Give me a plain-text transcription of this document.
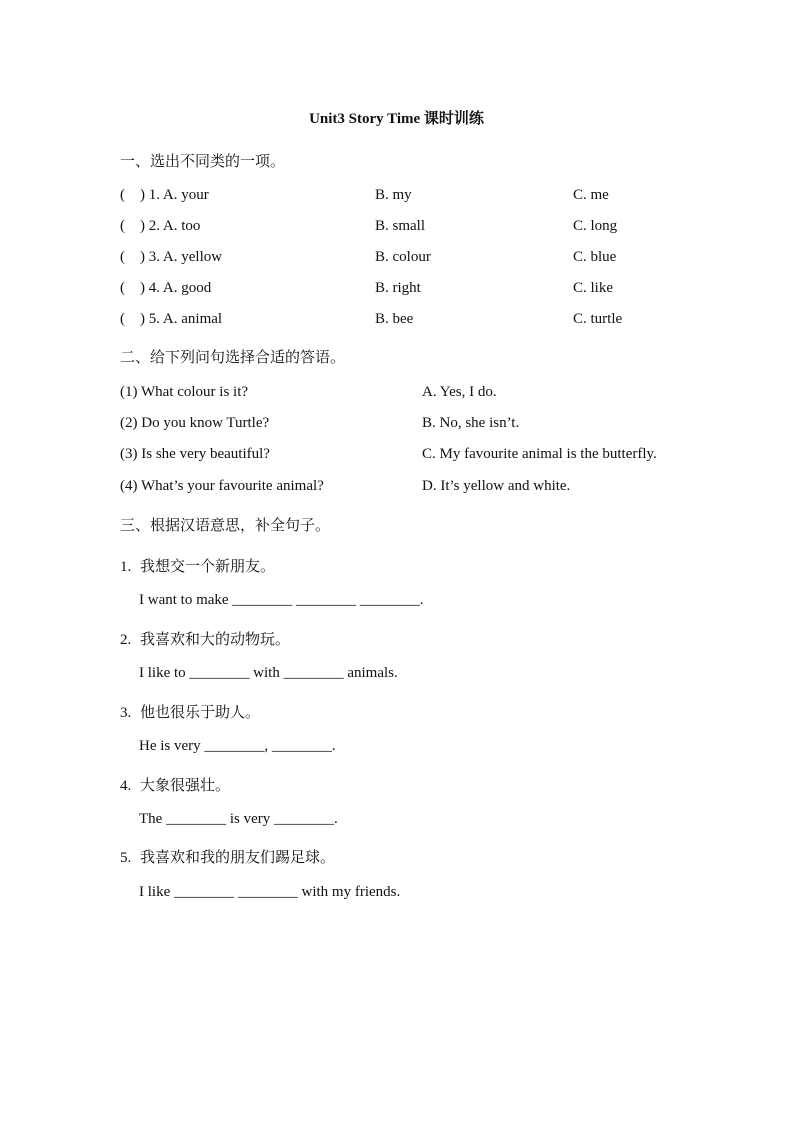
Unit3 Story Time 课时训练
一、选出不同类的一项。
(    ) 1. A. your	B. my	C. me
(    ) 2. A. too	B. small	C. long
(    ) 3. A. yellow	B. colour	C. blue
(    ) 4. A. good	B. right	C. like
(    ) 5. A. animal	B. bee	C. turtle
二、给下列问句选择合适的答语。
(1) What colour is it?	A. Yes, I do.
(2) Do you know Turtle?	B. No, she isn’t.
(3) Is she very beautiful?	C. My favourite animal is the butterfly.
(4) What’s your favourite animal?	D. It’s yellow and white.
三、根据汉语意思，补全句子。
1. 我想交一个新朋友。
I want to make ________ ________ ________.
2. 我喜欢和大的动物玩。
I like to ________ with ________ animals.
3. 他也很乐于助人。
He is very ________, ________.
4. 大象很强壮。
The ________ is very ________.
5. 我喜欢和我的朋友们踢足球。
I like ________ ________ with my friends.
